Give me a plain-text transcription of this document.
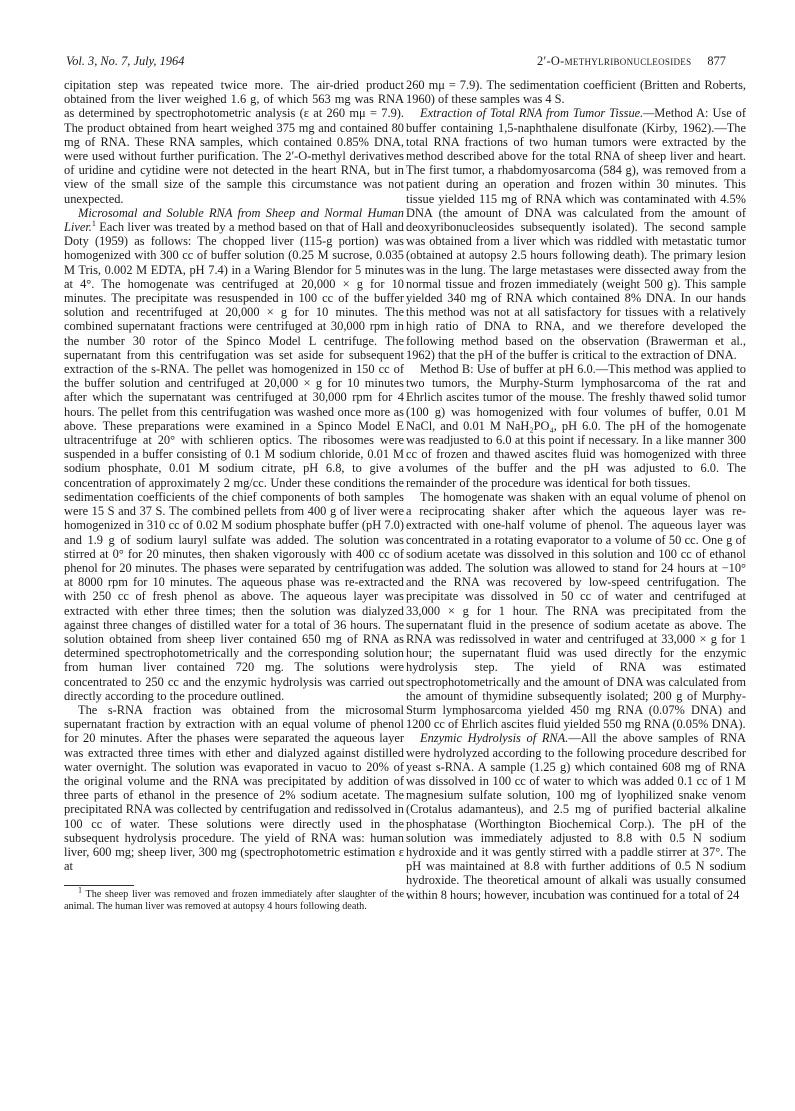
Vol. 3, No. 7, July, 1964	2′-O-methylribonucleosides 877

cipitation step was repeated twice more. The air-dried product obtained from the liver weighed 1.6 g, of which 563 mg was RNA as determined by spectrophotometric analysis (ε at 260 mμ = 7.9). The product obtained from heart weighed 375 mg and contained 80 mg of RNA. These RNA samples, which contained 0.85% DNA, were used without further purification. The 2′-O-methyl derivatives of uridine and cytidine were not detected in the heart RNA, but in view of the small size of the sample this circumstance was not unexpected.

Microsomal and Soluble RNA from Sheep and Normal Human Liver.$^1$ Each liver was treated by a method based on that of Hall and Doty (1959) as follows: The chopped liver (115-g portion) was homogenized with 300 cc of buffer solution (0.25 M sucrose, 0.035 M Tris, 0.002 M EDTA, pH 7.4) in a Waring Blendor for 5 minutes at 4°. The homogenate was centrifuged at 20,000 × g for 10 minutes. The precipitate was resuspended in 100 cc of the buffer solution and recentrifuged at 20,000 × g for 10 minutes. The combined supernatant fractions were centrifuged at 30,000 rpm in the number 30 rotor of the Spinco Model L centrifuge. The supernatant from this centrifugation was set aside for subsequent extraction of the s-RNA. The pellet was homogenized in 150 cc of the buffer solution and centrifuged at 20,000 × g for 10 minutes after which the supernatant was centrifuged at 30,000 rpm for 4 hours. The pellet from this centrifugation was washed once more as above. These preparations were examined in a Spinco Model E ultracentrifuge at 20° with schlieren optics. The ribosomes were suspended in a buffer consisting of 0.1 M sodium chloride, 0.01 M sodium phosphate, 0.01 M sodium citrate, pH 6.8, to give a concentration of approximately 2 mg/cc. Under these conditions the sedimentation coefficients of the chief components of both samples were 15 S and 37 S. The combined pellets from 400 g of liver were homogenized in 310 cc of 0.02 M sodium phosphate buffer (pH 7.0) and 1.9 g of sodium lauryl sulfate was added. The solution was stirred at 0° for 20 minutes, then shaken vigorously with 400 cc of phenol for 20 minutes. The phases were separated by centrifugation at 8000 rpm for 10 minutes. The aqueous phase was re-extracted with 250 cc of fresh phenol as above. The aqueous layer was extracted with ether three times; then the solution was dialyzed against three changes of distilled water for a total of 36 hours. The solution obtained from sheep liver contained 650 mg of RNA as determined spectrophotometrically and the corresponding solution from human liver contained 720 mg. The solutions were concentrated to 250 cc and the enzymic hydrolysis was carried out directly according to the procedure outlined.

The s-RNA fraction was obtained from the microsomal supernatant fraction by extraction with an equal volume of phenol for 20 minutes. After the phases were separated the aqueous layer was extracted three times with ether and dialyzed against distilled water overnight. The solution was evaporated in vacuo to 20% of the original volume and the RNA was precipitated by addition of three parts of ethanol in the presence of 2% sodium acetate. The precipitated RNA was collected by centrifugation and redissolved in 100 cc of water. These solutions were directly used in the subsequent hydrolysis procedure. The yield of RNA was: human liver, 600 mg; sheep liver, 300 mg (spectrophotometric estimation ε at

$^1$ The sheep liver was removed and frozen immediately after slaughter of the animal. The human liver was removed at autopsy 4 hours following death.

260 mμ = 7.9). The sedimentation coefficient (Britten and Roberts, 1960) of these samples was 4 S.

Extraction of Total RNA from Tumor Tissue.—Method A: Use of buffer containing 1,5-naphthalene disulfonate (Kirby, 1962).—The total RNA fractions of two human tumors were extracted by the method described above for the total RNA of sheep liver and heart. The first tumor, a rhabdomyosarcoma (584 g), was removed from a patient during an operation and frozen within 30 minutes. This tissue yielded 115 mg of RNA which was contaminated with 4.5% DNA (the amount of DNA was calculated from the amount of deoxyribonucleosides subsequently isolated). The second sample was obtained from a liver which was riddled with metastatic tumor (obtained at autopsy 2.5 hours following death). The primary lesion was in the lung. The large metastases were dissected away from the normal tissue and frozen immediately (weight 500 g). This sample yielded 340 mg of RNA which contained 8% DNA. In our hands this method was not at all satisfactory for tissues with a relatively high ratio of DNA to RNA, and we therefore developed the following method based on the observation (Brawerman et al., 1962) that the pH of the buffer is critical to the extraction of DNA.

Method B: Use of buffer at pH 6.0.—This method was applied to two tumors, the Murphy-Sturm lymphosarcoma of the rat and Ehrlich ascites tumor of the mouse. The freshly thawed solid tumor (100 g) was homogenized with four volumes of buffer, 0.01 M NaCl, and 0.01 M NaH₂PO₄, pH 6.0. The pH of the homogenate was readjusted to 6.0 at this point if necessary. In a like manner 300 cc of frozen and thawed ascites fluid was homogenized with three volumes of the buffer and the pH was adjusted to 6.0. The remainder of the procedure was identical for both tissues.

The homogenate was shaken with an equal volume of phenol on a reciprocating shaker after which the aqueous layer was re-extracted with one-half volume of phenol. The aqueous layer was concentrated in a rotating evaporator to a volume of 50 cc. One g of sodium acetate was dissolved in this solution and 100 cc of ethanol was added. The solution was allowed to stand for 24 hours at −10° and the RNA was recovered by low-speed centrifugation. The precipitate was dissolved in 50 cc of water and centrifuged at 33,000 × g for 1 hour. The RNA was precipitated from the supernatant fluid in the presence of sodium acetate as above. The RNA was redissolved in water and centrifuged at 33,000 × g for 1 hour; the supernatant fluid was used directly for the enzymic hydrolysis step. The yield of RNA was estimated spectrophotometrically and the amount of DNA was calculated from the amount of thymidine subsequently isolated; 200 g of Murphy-Sturm lymphosarcoma yielded 450 mg RNA (0.07% DNA) and 1200 cc of Ehrlich ascites fluid yielded 550 mg RNA (0.05% DNA).

Enzymic Hydrolysis of RNA.—All the above samples of RNA were hydrolyzed according to the following procedure described for yeast s-RNA. A sample (1.25 g) which contained 608 mg of RNA was dissolved in 100 cc of water to which was added 0.1 cc of 1 M magnesium sulfate solution, 100 mg of lyophilized snake venom (Crotalus adamanteus), and 2.5 mg of purified bacterial alkaline phosphatase (Worthington Biochemical Corp.). The pH of the solution was immediately adjusted to 8.8 with 0.5 N sodium hydroxide and it was gently stirred with a paddle stirrer at 37°. The pH was maintained at 8.8 with further additions of 0.5 N sodium hydroxide. The theoretical amount of alkali was usually consumed within 8 hours; however, incubation was continued for a total of 24
